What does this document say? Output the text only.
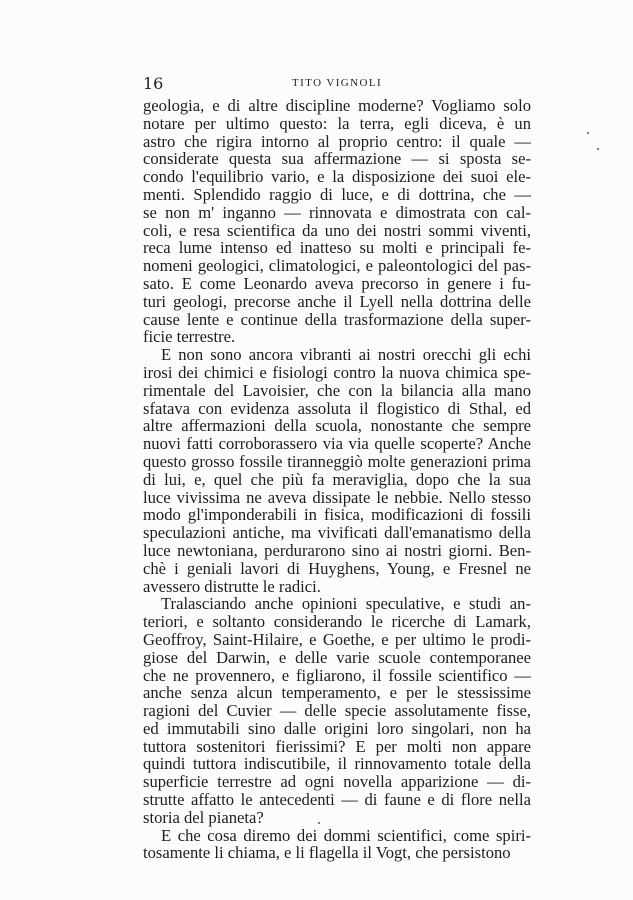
16	TITO VIGNOLI
geologia, e di altre discipline moderne? Vogliamo solo
notare per ultimo questo: la terra, egli diceva, è un
astro che rigira intorno al proprio centro: il quale —
considerate questa sua affermazione — si sposta se-
condo l'equilibrio vario, e la disposizione dei suoi ele-
menti. Splendido raggio di luce, e di dottrina, che —
se non m' inganno — rinnovata e dimostrata con cal-
coli, e resa scientifica da uno dei nostri sommi viventi,
reca lume intenso ed inatteso su molti e principali fe-
nomeni geologici, climatologici, e paleontologici del pas-
sato. E come Leonardo aveva precorso in genere i fu-
turi geologi, precorse anche il Lyell nella dottrina delle
cause lente e continue della trasformazione della super-
ficie terrestre.
E non sono ancora vibranti ai nostri orecchi gli echi
irosi dei chimici e fisiologi contro la nuova chimica spe-
rimentale del Lavoisier, che con la bilancia alla mano
sfatava con evidenza assoluta il flogistico di Sthal, ed
altre affermazioni della scuola, nonostante che sempre
nuovi fatti corroborassero via via quelle scoperte? Anche
questo grosso fossile tiranneggiò molte generazioni prima
di lui, e, quel che più fa meraviglia, dopo che la sua
luce vivissima ne aveva dissipate le nebbie. Nello stesso
modo gl'imponderabili in fisica, modificazioni di fossili
speculazioni antiche, ma vivificati dall'emanatismo della
luce newtoniana, perdurarono sino ai nostri giorni. Ben-
chè i geniali lavori di Huyghens, Young, e Fresnel ne
avessero distrutte le radici.
Tralasciando anche opinioni speculative, e studi an-
teriori, e soltanto considerando le ricerche di Lamark,
Geoffroy, Saint-Hilaire, e Goethe, e per ultimo le prodi-
giose del Darwin, e delle varie scuole contemporanee
che ne provennero, e figliarono, il fossile scientifico —
anche senza alcun temperamento, e per le stessissime
ragioni del Cuvier — delle specie assolutamente fisse,
ed immutabili sino dalle origini loro singolari, non ha
tuttora sostenitori fierissimi? E per molti non appare
quindi tuttora indiscutibile, il rinnovamento totale della
superficie terrestre ad ogni novella apparizione — di-
strutte affatto le antecedenti — di faune e di flore nella
storia del pianeta?
E che cosa diremo dei dommi scientifici, come spiri-
tosamente li chiama, e li flagella il Vogt, che persistono
